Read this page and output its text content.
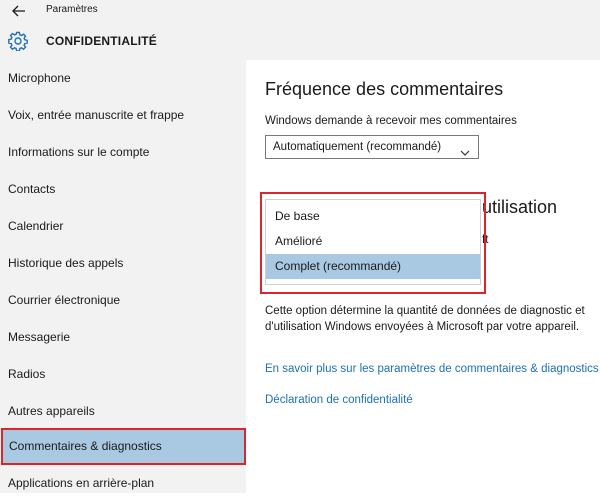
Paramètres
CONFIDENTIALITÉ
Microphone
Voix, entrée manuscrite et frappe
Informations sur le compte
Contacts
Calendrier
Historique des appels
Courrier électronique
Messagerie
Radios
Autres appareils
Commentaires & diagnostics
Applications en arrière-plan
Fréquence des commentaires
Windows demande à recevoir mes commentaires
Automatiquement (recommandé)
utilisation
ft
Cette option détermine la quantité de données de diagnostic et d'utilisation Windows envoyées à Microsoft par votre appareil.
En savoir plus sur les paramètres de commentaires & diagnostics
Déclaration de confidentialité
De base
Amélioré
Complet (recommandé)
